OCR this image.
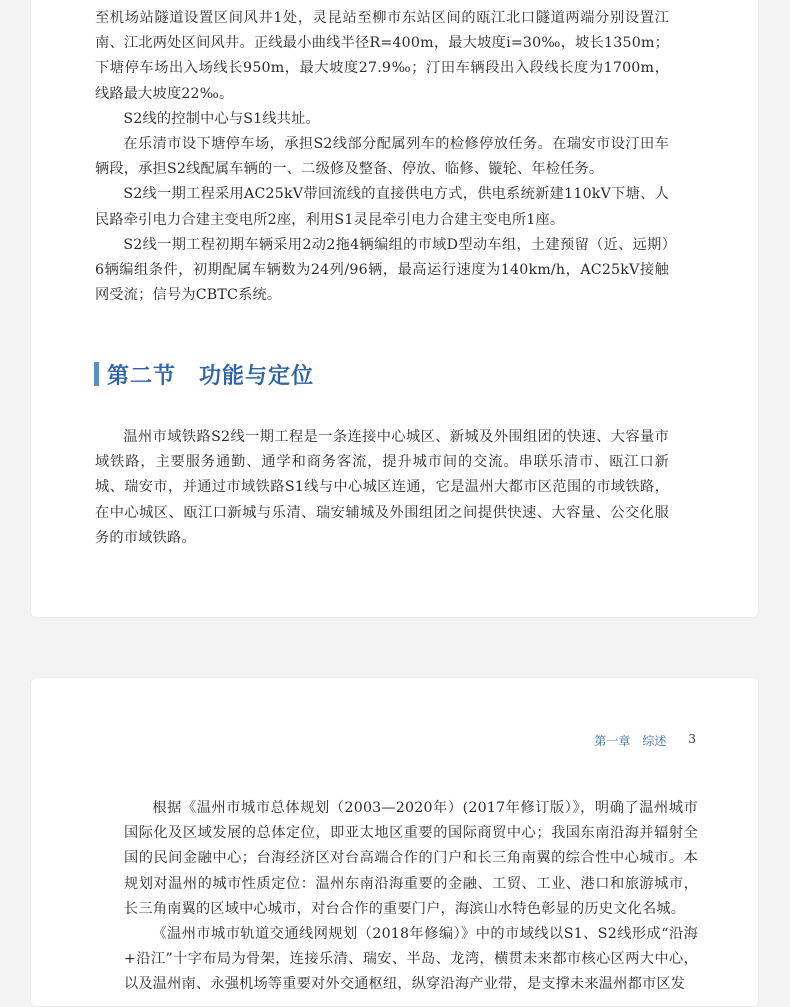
至机场站隧道设置区间风井1处，灵昆站至柳市东站区间的瓯江北口隧道两端分别设置江南、江北两处区间风井。正线最小曲线半径R=400m，最大坡度i=30‰，坡长1350m；下塘停车场出入场线长950m，最大坡度27.9‰；汀田车辆段出入段线长度为1700m，线路最大坡度22‰。

S2线的控制中心与S1线共址。

在乐清市设下塘停车场，承担S2线部分配属列车的检修停放任务。在瑞安市设汀田车辆段，承担S2线配属车辆的一、二级修及整备、停放、临修、镟轮、年检任务。

S2线一期工程采用AC25kV带回流线的直接供电方式，供电系统新建110kV下塘、人民路牵引电力合建主变电所2座，利用S1灵昆牵引电力合建主变电所1座。

S2线一期工程初期车辆采用2动2拖4辆编组的市域D型动车组，土建预留（近、远期）6辆编组条件，初期配属车辆数为24列/96辆，最高运行速度为140km/h，AC25kV接触网受流；信号为CBTC系统。

第二节　功能与定位

温州市域铁路S2线一期工程是一条连接中心城区、新城及外围组团的快速、大容量市域铁路，主要服务通勤、通学和商务客流，提升城市间的交流。串联乐清市、瓯江口新城、瑞安市，并通过市域铁路S1线与中心城区连通，它是温州大都市区范围的市域铁路，在中心城区、瓯江口新城与乐清、瑞安辅城及外围组团之间提供快速、大容量、公交化服务的市域铁路。

第一章　综述 3

根据《温州市城市总体规划（2003—2020年）(2017年修订版）》，明确了温州城市国际化及区域发展的总体定位，即亚太地区重要的国际商贸中心；我国东南沿海并辐射全国的民间金融中心；台海经济区对台高端合作的门户和长三角南翼的综合性中心城市。本规划对温州的城市性质定位：温州东南沿海重要的金融、工贸、工业、港口和旅游城市，长三角南翼的区域中心城市，对台合作的重要门户，海滨山水特色彰显的历史文化名城。

《温州市城市轨道交通线网规划（2018年修编）》中的市域线以S1、S2线形成“沿海+沿江”十字布局为骨架，连接乐清、瑞安、半岛、龙湾，横贯未来都市核心区两大中心，以及温州南、永强机场等重要对外交通枢纽，纵穿沿海产业带，是支撑未来温州都市区发
